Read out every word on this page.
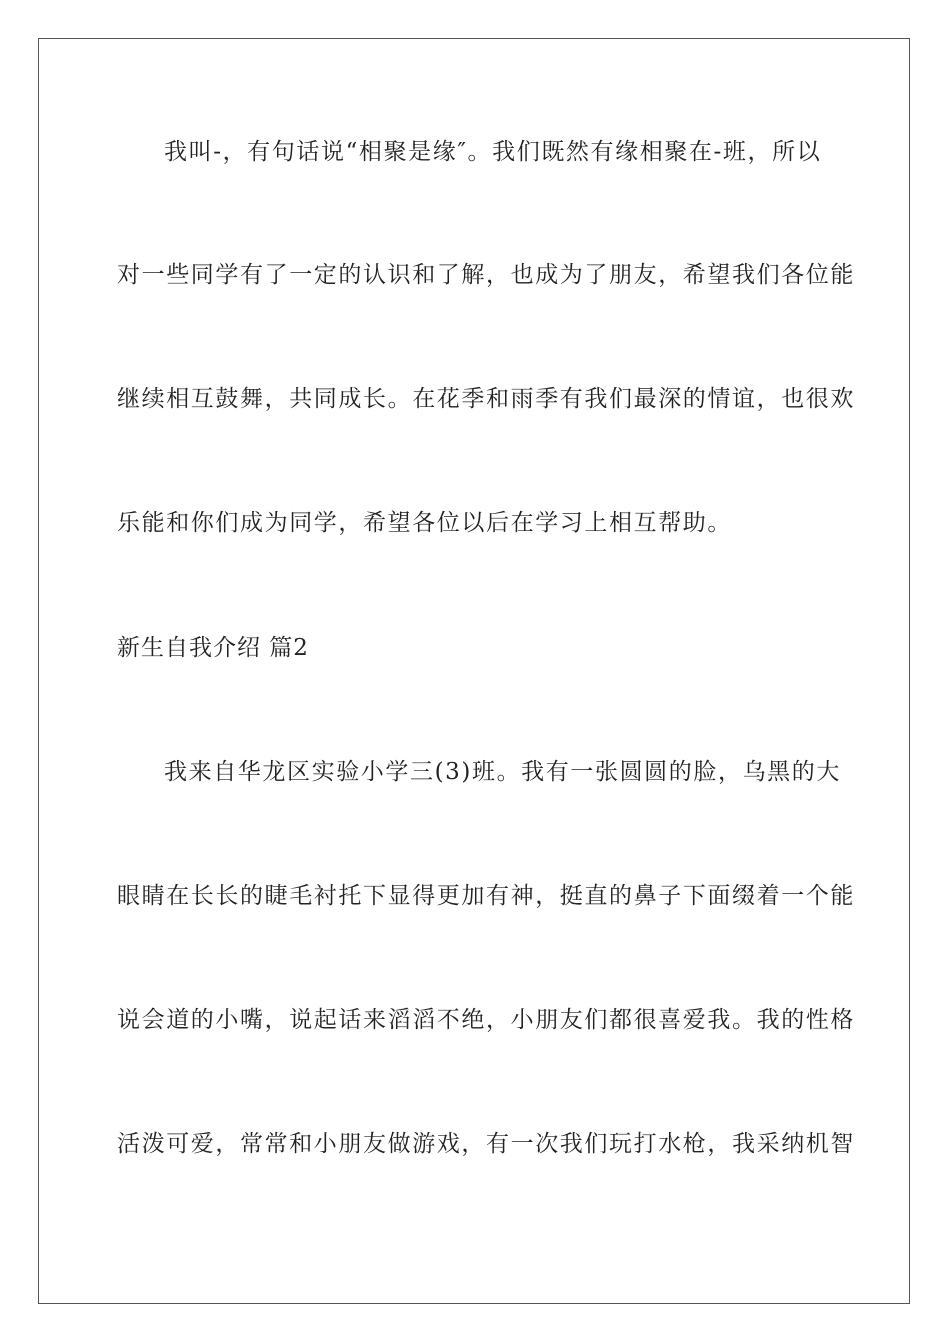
我叫-，有句话说“相聚是缘″。我们既然有缘相聚在-班，所以
对一些同学有了一定的认识和了解，也成为了朋友，希望我们各位能
继续相互鼓舞，共同成长。在花季和雨季有我们最深的情谊，也很欢
乐能和你们成为同学，希望各位以后在学习上相互帮助。
新生自我介绍 篇2
我来自华龙区实验小学三(3)班。我有一张圆圆的脸，乌黑的大
眼睛在长长的睫毛衬托下显得更加有神，挺直的鼻子下面缀着一个能
说会道的小嘴，说起话来滔滔不绝，小朋友们都很喜爱我。我的性格
活泼可爱，常常和小朋友做游戏，有一次我们玩打水枪，我采纳机智
